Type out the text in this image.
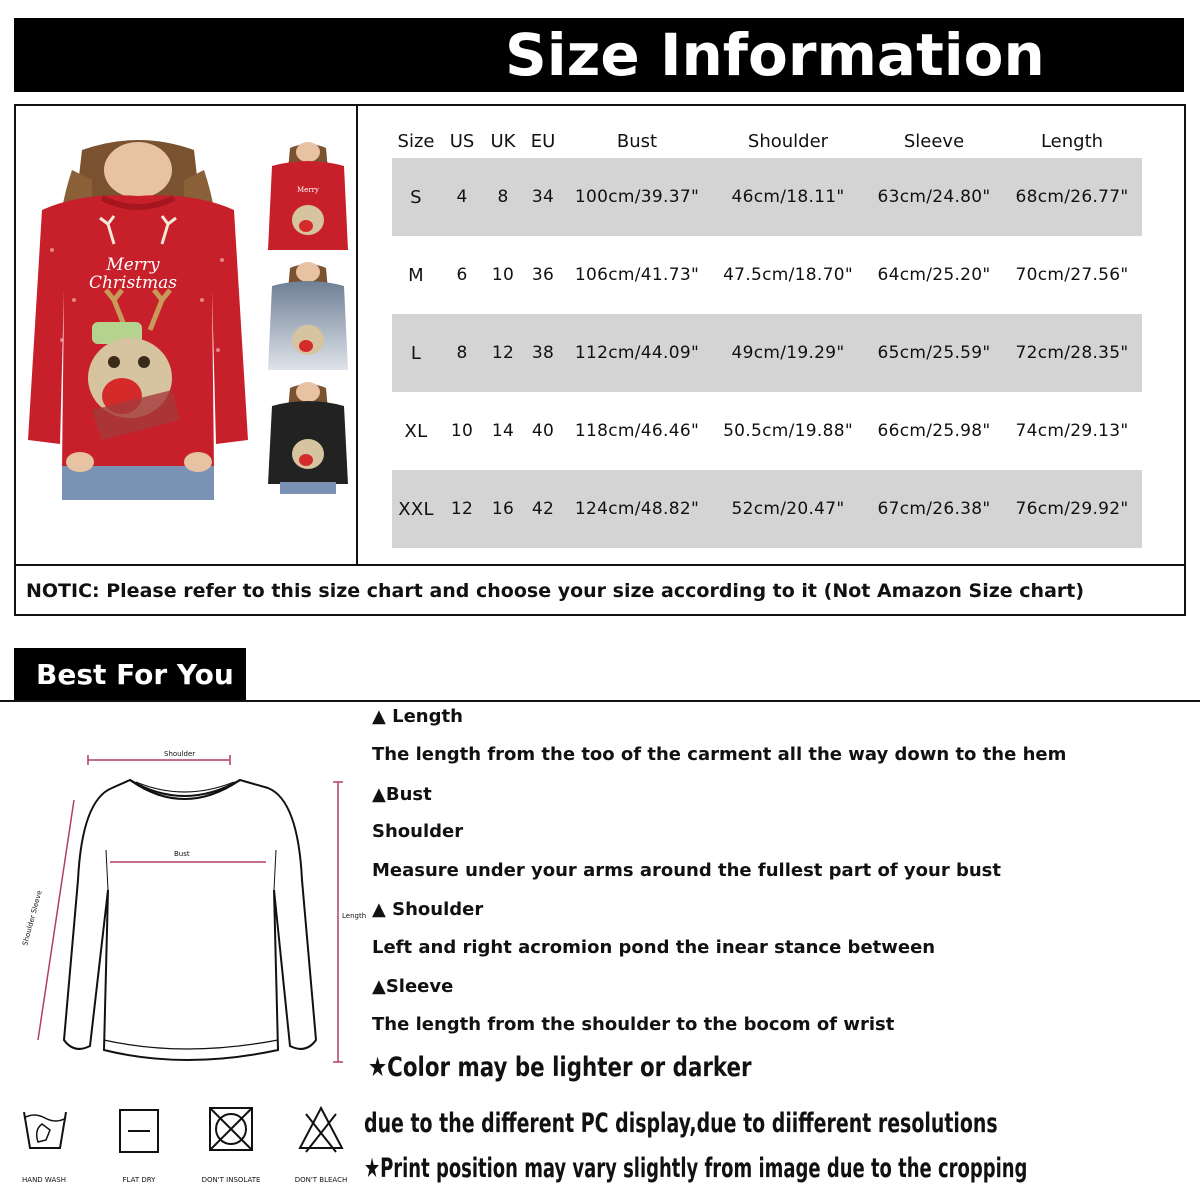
Size Information
Merry Christmas
Merry
Size	US	UK	EU	Bust	Shoulder	Sleeve	Length
S	4	8	34	100cm/39.37"	46cm/18.11"	63cm/24.80"	68cm/26.77"
M	6	10	36	106cm/41.73"	47.5cm/18.70"	64cm/25.20"	70cm/27.56"
L	8	12	38	112cm/44.09"	49cm/19.29"	65cm/25.59"	72cm/28.35"
XL	10	14	40	118cm/46.46"	50.5cm/19.88"	66cm/25.98"	74cm/29.13"
XXL	12	16	42	124cm/48.82"	52cm/20.47"	67cm/26.38"	76cm/29.92"
NOTIC: Please refer to this size chart and choose your size according to it (Not Amazon Size chart)
Best For You
Shoulder
Bust
Length
Shoulder Sleeve
▲ Length
The length from the too of the carment all the way down to the hem
▲Bust
Shoulder
Measure under your arms around the fullest part of your bust
▲ Shoulder
Left and right acromion pond the inear stance between
▲Sleeve
The length from the shoulder to the bocom of wrist
★Color may be lighter or darker
due to the different PC display,due to diifferent resolutions
★Print position may vary slightly from image due to the cropping
HAND WASH	FLAT DRY	DON'T INSOLATE	DON'T BLEACH
